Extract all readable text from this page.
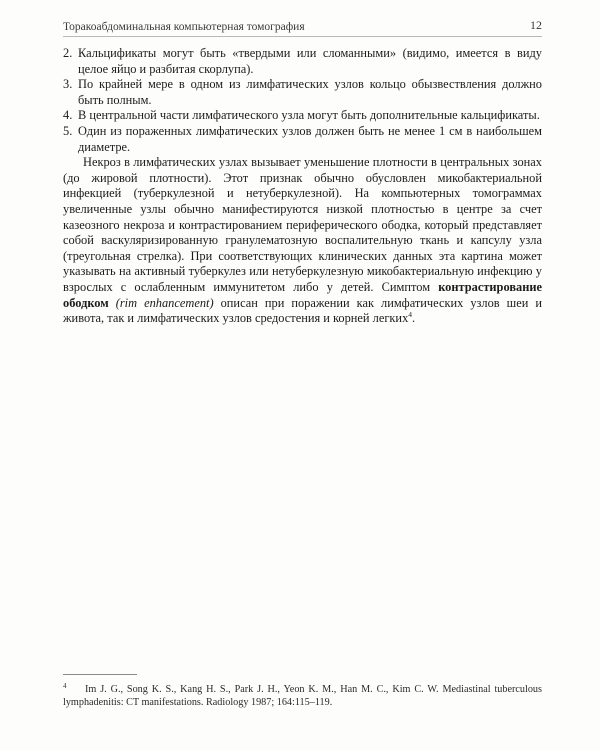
Торакоабдоминальная компьютерная томография	12
2. Кальцификаты могут быть «твердыми или сломанными» (видимо, имеется в виду целое яйцо и разбитая скорлупа).
3. По крайней мере в одном из лимфатических узлов кольцо обызвествления должно быть полным.
4. В центральной части лимфатического узла могут быть дополнительные кальцификаты.
5. Один из пораженных лимфатических узлов должен быть не менее 1 см в наибольшем диаметре.

Некроз в лимфатических узлах вызывает уменьшение плотности в центральных зонах (до жировой плотности). Этот признак обычно обусловлен микобактериальной инфекцией (туберкулезной и нетуберкулезной). На компьютерных томограммах увеличенные узлы обычно манифестируются низкой плотностью в центре за счет казеозного некроза и контрастированием периферического ободка, который представляет собой васкуляризированную гранулематозную воспалительную ткань и капсулу узла (треугольная стрелка). При соответствующих клинических данных эта картина может указывать на активный туберкулез или нетуберкулезную микобактериальную инфекцию у взрослых с ослабленным иммунитетом либо у детей. Симптом контрастирование ободком (rim enhancement) описан при поражении как лимфатических узлов шеи и живота, так и лимфатических узлов средостения и корней легких$^4$.

4 Im J. G., Song K. S., Kang H. S., Park J. H., Yeon K. M., Han M. C., Kim C. W. Mediastinal tuberculous lymphadenitis: CT manifestations. Radiology 1987; 164:115–119.
